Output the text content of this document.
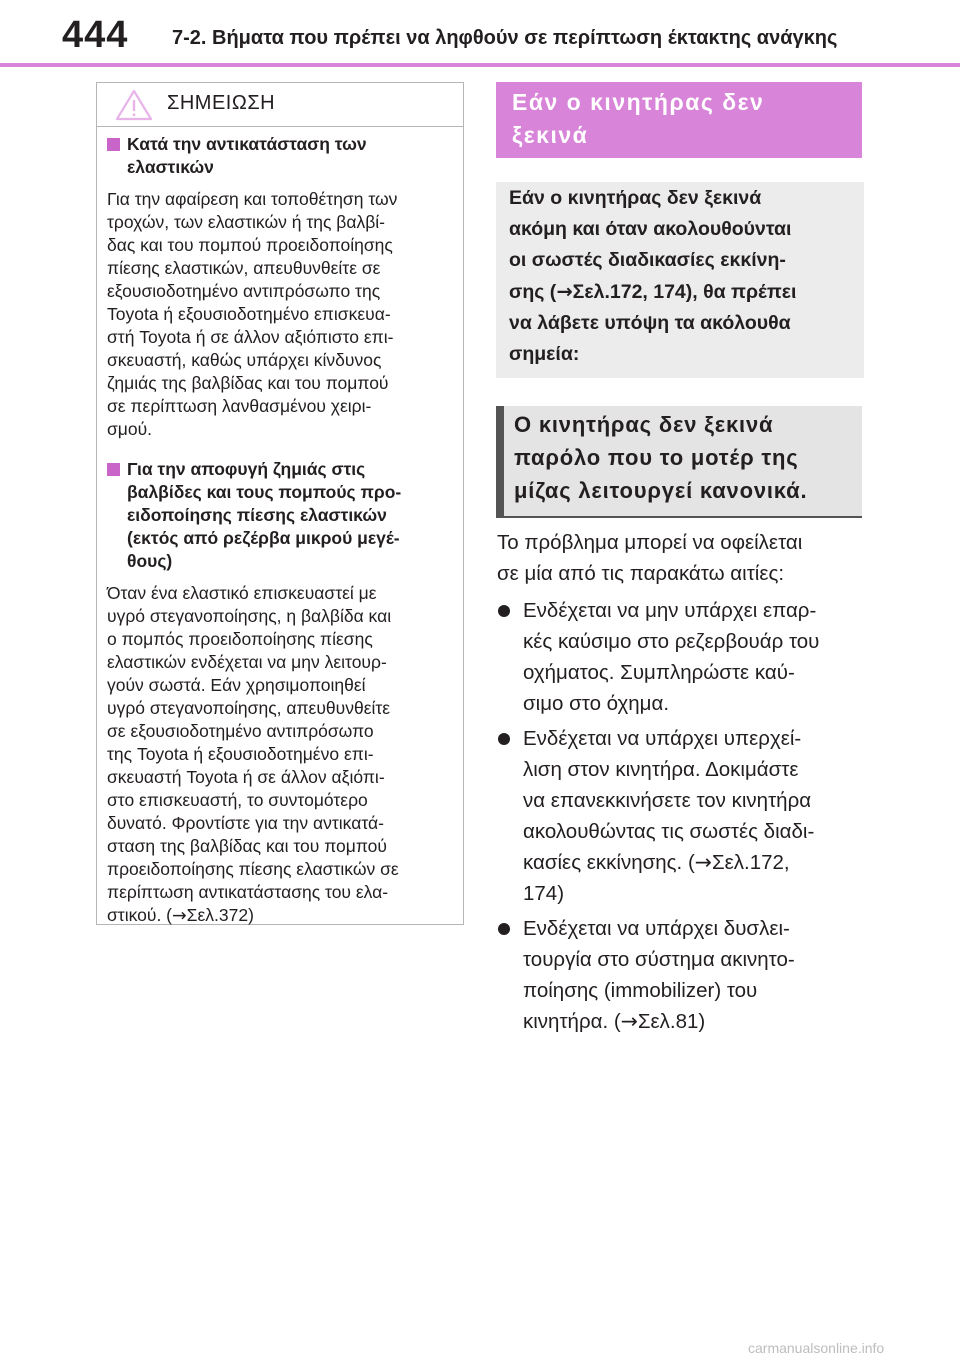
444 7-2. Βήματα που πρέπει να ληφθούν σε περίπτωση έκτακτης ανάγκης
ΣΗΜΕΙΩΣΗ
Κατά την αντικατάσταση των
ελαστικών
Για την αφαίρεση και τοποθέτηση των
τροχών, των ελαστικών ή της βαλβί-
δας και του πομπού προειδοποίησης
πίεσης ελαστικών, απευθυνθείτε σε
εξουσιοδοτημένο αντιπρόσωπο της
Toyota ή εξουσιοδοτημένο επισκευα-
στή Toyota ή σε άλλον αξιόπιστο επι-
σκευαστή, καθώς υπάρχει κίνδυνος
ζημιάς της βαλβίδας και του πομπού
σε περίπτωση λανθασμένου χειρι-
σμού.
Για την αποφυγή ζημιάς στις
βαλβίδες και τους πομπούς προ-
ειδοποίησης πίεσης ελαστικών
(εκτός από ρεζέρβα μικρού μεγέ-
θους)
Όταν ένα ελαστικό επισκευαστεί με
υγρό στεγανοποίησης, η βαλβίδα και
ο πομπός προειδοποίησης πίεσης
ελαστικών ενδέχεται να μην λειτουρ-
γούν σωστά. Εάν χρησιμοποιηθεί
υγρό στεγανοποίησης, απευθυνθείτε
σε εξουσιοδοτημένο αντιπρόσωπο
της Toyota ή εξουσιοδοτημένο επι-
σκευαστή Toyota ή σε άλλον αξιόπι-
στο επισκευαστή, το συντομότερο
δυνατό. Φροντίστε για την αντικατά-
σταση της βαλβίδας και του πομπού
προειδοποίησης πίεσης ελαστικών σε
περίπτωση αντικατάστασης του ελα-
στικού. (→Σελ.372)
Εάν ο κινητήρας δεν
ξεκινά
Εάν ο κινητήρας δεν ξεκινά
ακόμη και όταν ακολουθούνται
οι σωστές διαδικασίες εκκίνη-
σης (→Σελ.172, 174), θα πρέπει
να λάβετε υπόψη τα ακόλουθα
σημεία:
Ο κινητήρας δεν ξεκινά
παρόλο που το μοτέρ της
μίζας λειτουργεί κανονικά.
Το πρόβλημα μπορεί να οφείλεται
σε μία από τις παρακάτω αιτίες:
Ενδέχεται να μην υπάρχει επαρ-
κές καύσιμο στο ρεζερβουάρ του
οχήματος. Συμπληρώστε καύ-
σιμο στο όχημα.
Ενδέχεται να υπάρχει υπερχεί-
λιση στον κινητήρα. Δοκιμάστε
να επανεκκινήσετε τον κινητήρα
ακολουθώντας τις σωστές διαδι-
κασίες εκκίνησης. (→Σελ.172,
174)
Ενδέχεται να υπάρχει δυσλει-
τουργία στο σύστημα ακινητο-
ποίησης (immobilizer) του
κινητήρα. (→Σελ.81)
carmanualsonline.info
